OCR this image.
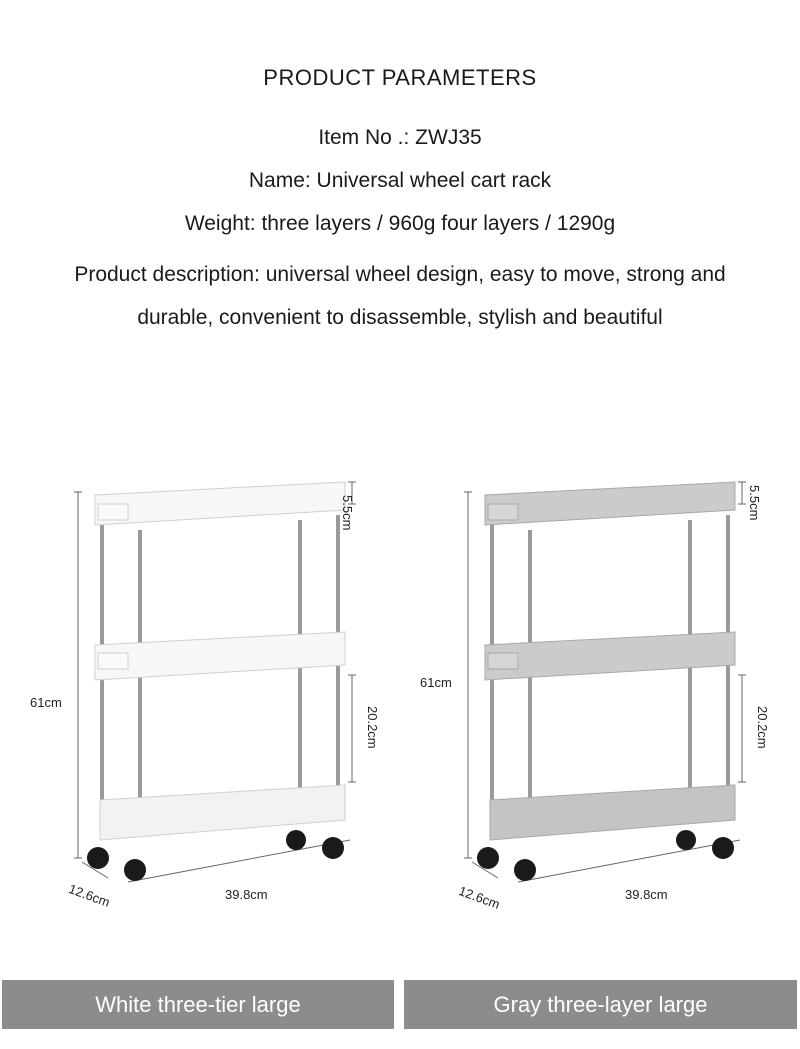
PRODUCT PARAMETERS
Item No .: ZWJ35
Name: Universal wheel cart rack
Weight: three layers / 960g four layers / 1290g
Product description: universal wheel design, easy to move, strong and durable, convenient to disassemble, stylish and beautiful
61cm
5.5cm
20.2cm
12.6cm	39.8cm
61cm
5.5cm
20.2cm
12.6cm	39.8cm
White three-tier large	Gray three-layer large
